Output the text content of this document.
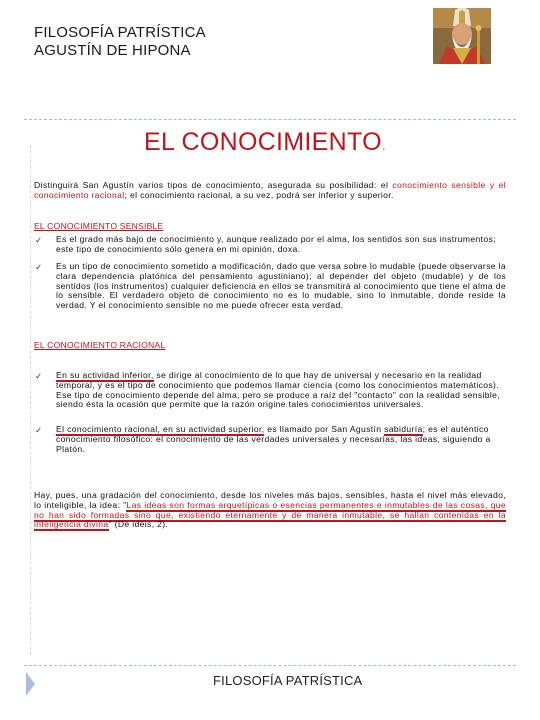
FILOSOFÍA PATRÍSTICA
AGUSTÍN DE HIPONA
EL CONOCIMIENTO.
Distinguirá San Agustín varios tipos de conocimiento, asegurada su posibilidad: el conocimiento sensible y el conocimiento racional; el conocimiento racional, a su vez, podrá ser inferior y superior.
EL CONOCIMIENTO SENSIBLE
✓ Es el grado más bajo de conocimiento y, aunque realizado por el alma, los sentidos son sus instrumentos; este tipo de conocimiento sólo genera en mi opinión, doxa.
✓ Es un tipo de conocimiento sometido a modificación, dado que versa sobre lo mudable (puede observarse la clara dependencia platónica del pensamiento agustiniano); al depender del objeto (mudable) y de los sentidos (los instrumentos) cualquier deficiencia en ellos se transmitirá al conocimiento que tiene el alma de lo sensible. El verdadero objeto de conocimiento no es lo mudable, sino lo inmutable, donde reside la verdad. Y el conocimiento sensible no me puede ofrecer esta verdad.
EL CONOCIMIENTO RACIONAL
✓ En su actividad inferior, se dirige al conocimiento de lo que hay de universal y necesario en la realidad temporal, y es el tipo de conocimiento que podemos llamar ciencia (como los conocimientos matemáticos). Ese tipo de conocimiento depende del alma, pero se produce a raíz del "contacto" con la realidad sensible, siendo ésta la ocasión que permite que la razón origine tales conocimientos universales.
✓ El conocimiento racional, en su actividad superior, es llamado por San Agustín sabiduría; es el auténtico conocimiento filosófico: el conocimiento de las verdades universales y necesarias, las ideas, siguiendo a Platón.
Hay, pues, una gradación del conocimiento, desde los niveles más bajos, sensibles, hasta el nivel más elevado, lo inteligible, la idea: "Las ideas son formas arquetípicas o esencias permanentes e inmutables de las cosas, que no han sido formadas sino que, existiendo eternamente y de manera inmutable, se hallan contenidas en la inteligencia divina" (De ideis, 2).
FILOSOFÍA PATRÍSTICA
